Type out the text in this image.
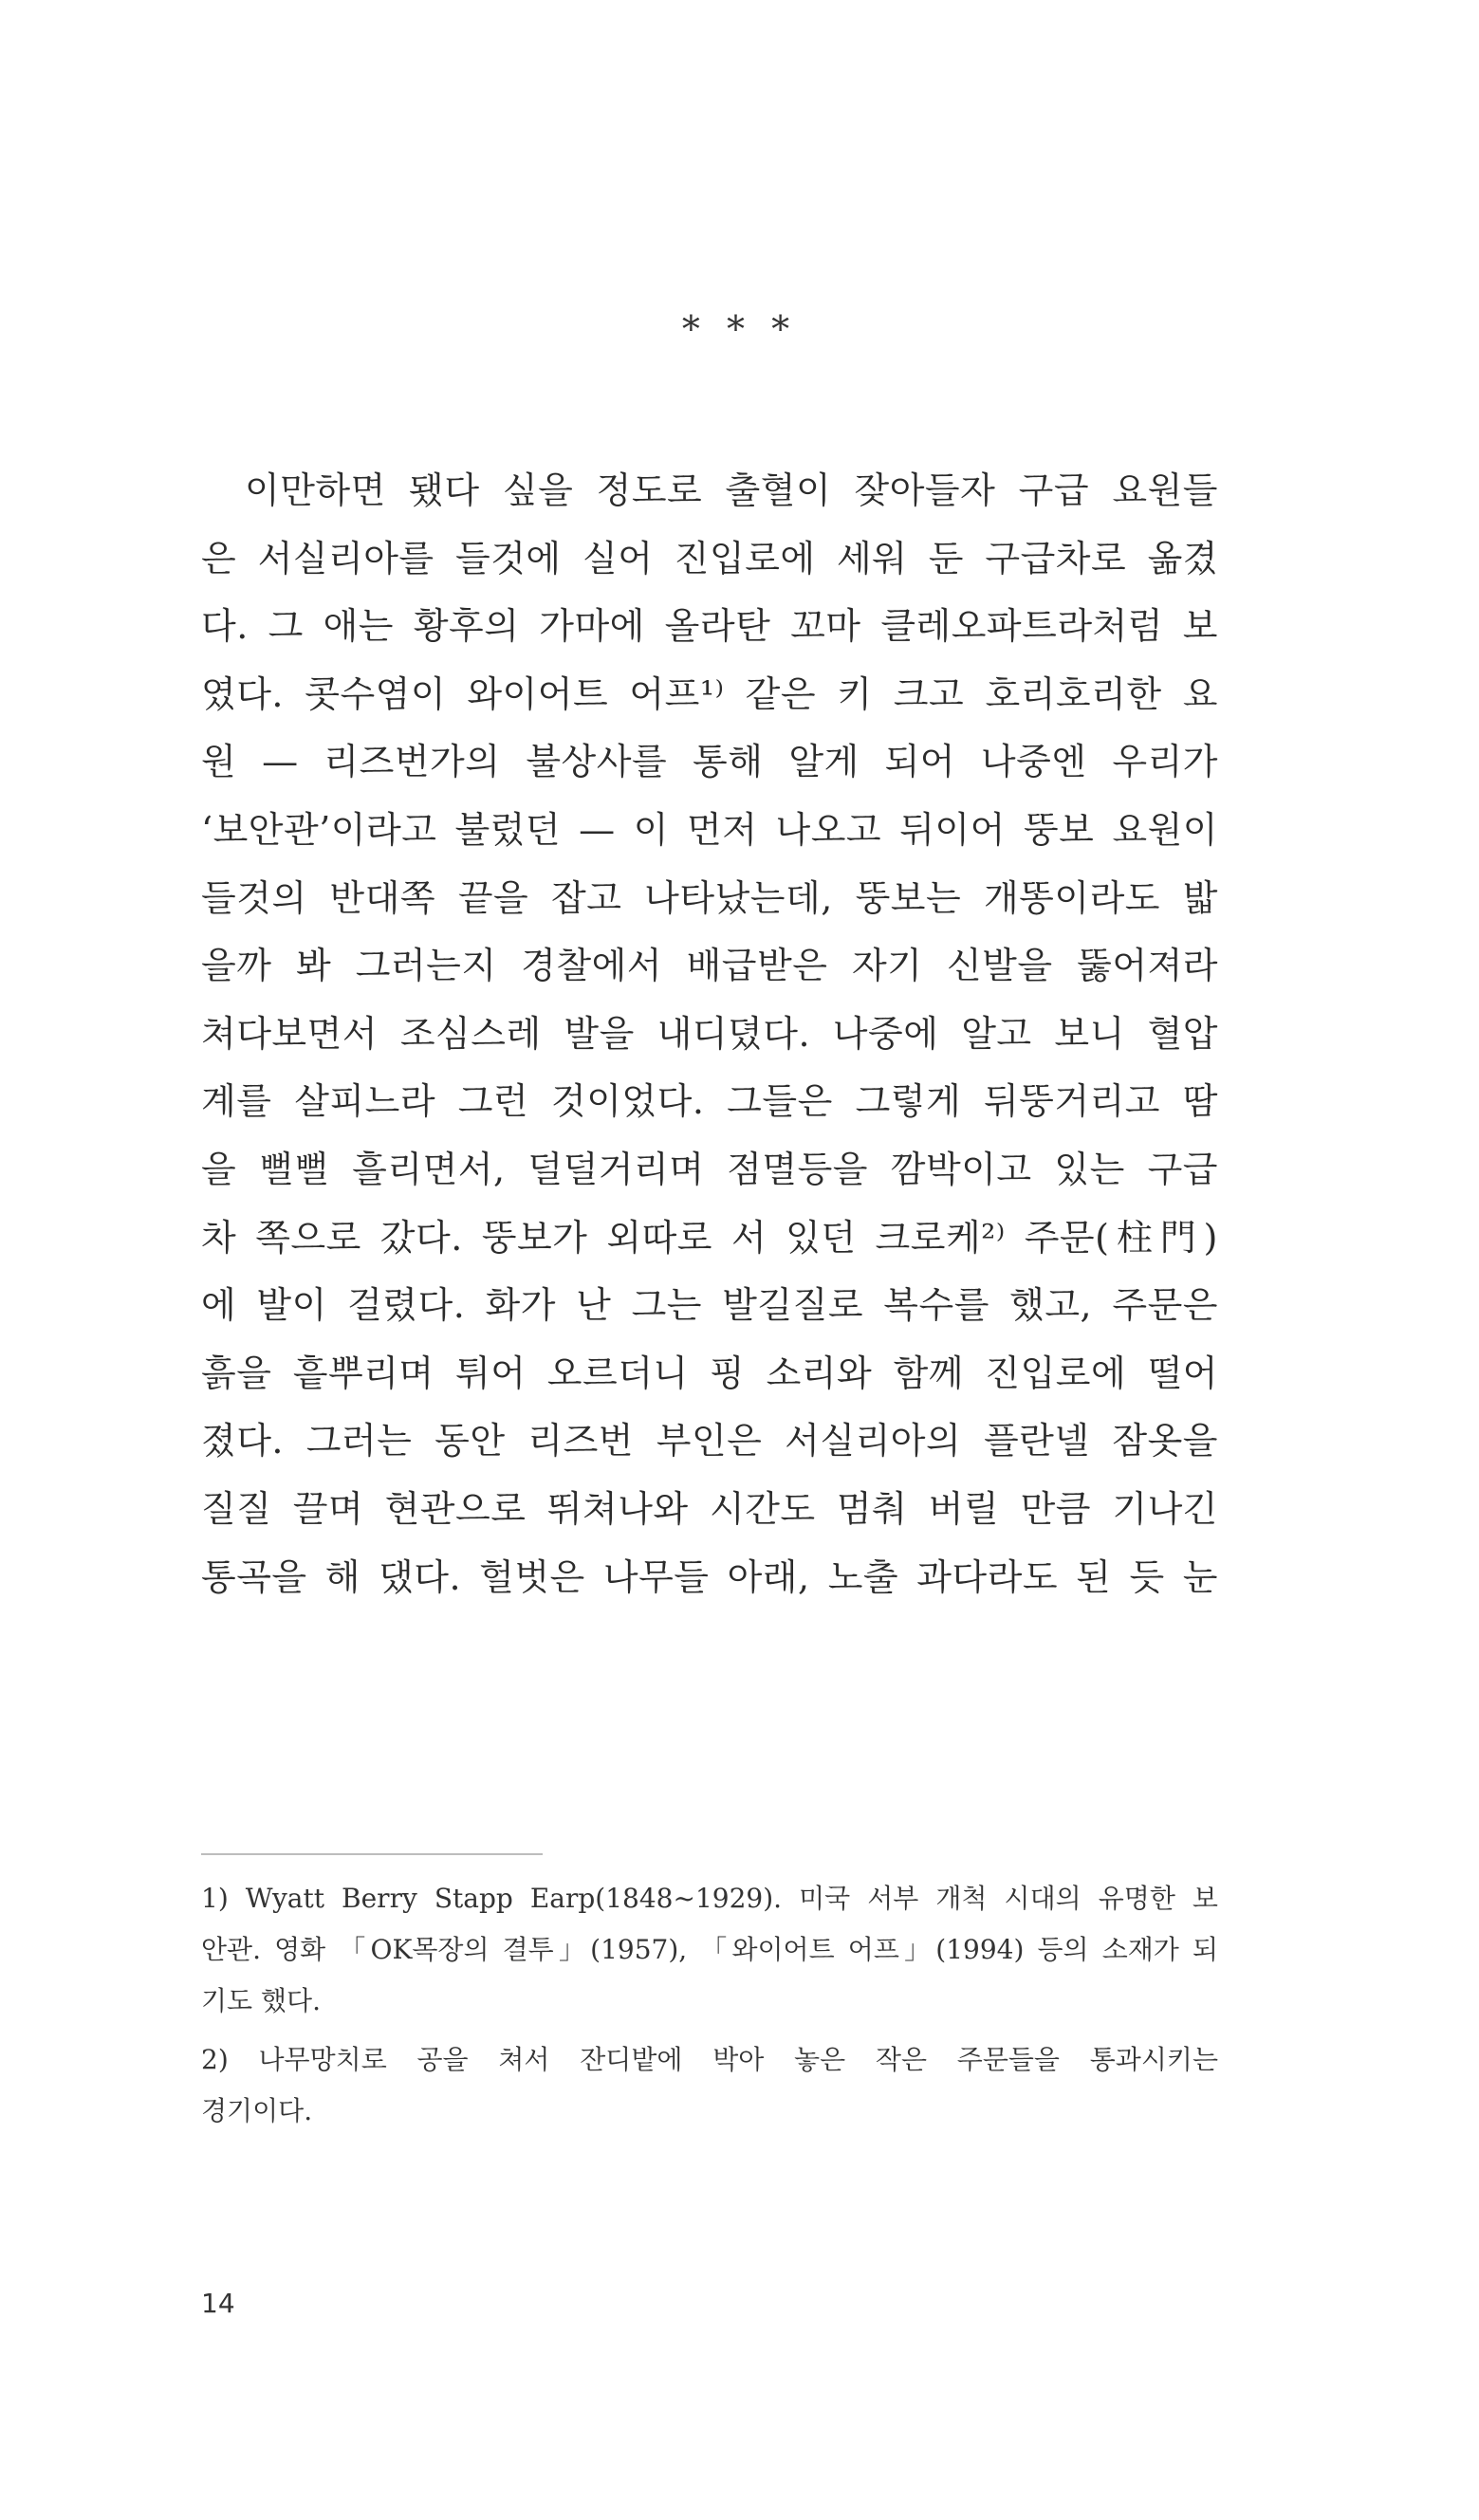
* * *
이만하면 됐다 싶을 정도로 출혈이 잦아들자 구급 요원들
은 서실리아를 들것에 실어 진입로에 세워 둔 구급차로 옮겼
다. 그 애는 황후의 가마에 올라탄 꼬마 클레오파트라처럼 보
였다. 콧수염이 와이어트 어프¹⁾ 같은 키 크고 호리호리한 요
원 — 리즈번가의 불상사를 통해 알게 되어 나중엔 우리가
‘보안관’이라고 불렀던 — 이 먼저 나오고 뒤이어 뚱보 요원이
들것의 반대쪽 끝을 잡고 나타났는데, 뚱보는 개똥이라도 밟
을까 봐 그러는지 경찰에서 배급받은 자기 신발을 뚫어져라
쳐다보면서 조심스레 발을 내디뎠다. 나중에 알고 보니 혈압
계를 살피느라 그런 것이었다. 그들은 그렇게 뒤뚱거리고 땀
을 뻘뻘 흘리면서, 덜덜거리며 점멸등을 깜박이고 있는 구급
차 쪽으로 갔다. 뚱보가 외따로 서 있던 크로케²⁾ 주문(柱門)
에 발이 걸렸다. 화가 난 그는 발길질로 복수를 했고, 주문은
흙을 흩뿌리며 튀어 오르더니 핑 소리와 함께 진입로에 떨어
졌다. 그러는 동안 리즈번 부인은 서실리아의 플란넬 잠옷을
질질 끌며 현관으로 뛰쳐나와 시간도 멈춰 버릴 만큼 기나긴
통곡을 해 댔다. 헐벗은 나무들 아래, 노출 과다라도 된 듯 눈
1) Wyatt Berry Stapp Earp(1848~1929). 미국 서부 개척 시대의 유명한 보
안관. 영화 「OK목장의 결투」(1957), 「와이어트 어프」(1994) 등의 소재가 되
기도 했다.
2) 나무망치로 공을 쳐서 잔디밭에 박아 놓은 작은 주문들을 통과시키는
경기이다.
14
